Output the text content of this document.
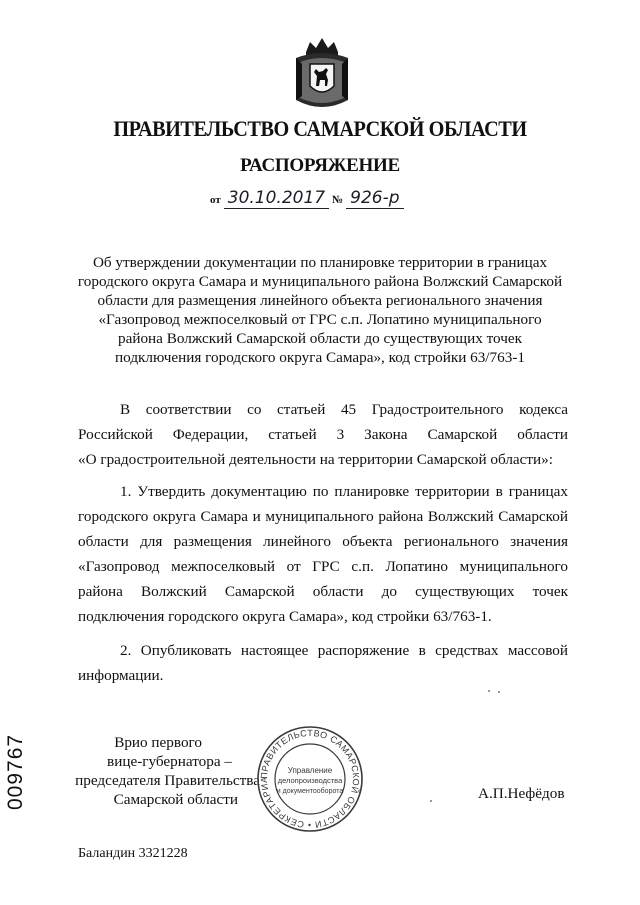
ПРАВИТЕЛЬСТВО САМАРСКОЙ ОБЛАСТИ
РАСПОРЯЖЕНИЕ
от 30.10.2017 № 926-р
Об утверждении документации по планировке территории в границах
городского округа Самара и муниципального района Волжский Самарской
области для размещения линейного объекта регионального значения
«Газопровод межпоселковый от ГРС с.п. Лопатино муниципального
района Волжский Самарской области до существующих точек
подключения городского округа Самара», код стройки 63/763-1
В соответствии со статьей 45 Градостроительного кодекса
Российской Федерации, статьей 3 Закона Самарской области
«О градостроительной деятельности на территории Самарской области»:
1. Утвердить документацию по планировке территории в границах
городского округа Самара и муниципального района Волжский Самарской
области для размещения линейного объекта регионального значения
«Газопровод межпоселковый от ГРС с.п. Лопатино муниципального
района Волжский Самарской области до существующих точек
подключения городского округа Самара», код стройки 63/763-1.
2. Опубликовать настоящее распоряжение в средствах массовой
информации.
Врио первого
вице-губернатора –
председателя Правительства
Самарской области
ПРАВИТЕЛЬСТВО САМАРСКОЙ ОБЛАСТИ • СЕКРЕТАРИА
Управление
делопроизводства
и документооборота	А.П.Нефёдов
009767
Баландин 3321228
